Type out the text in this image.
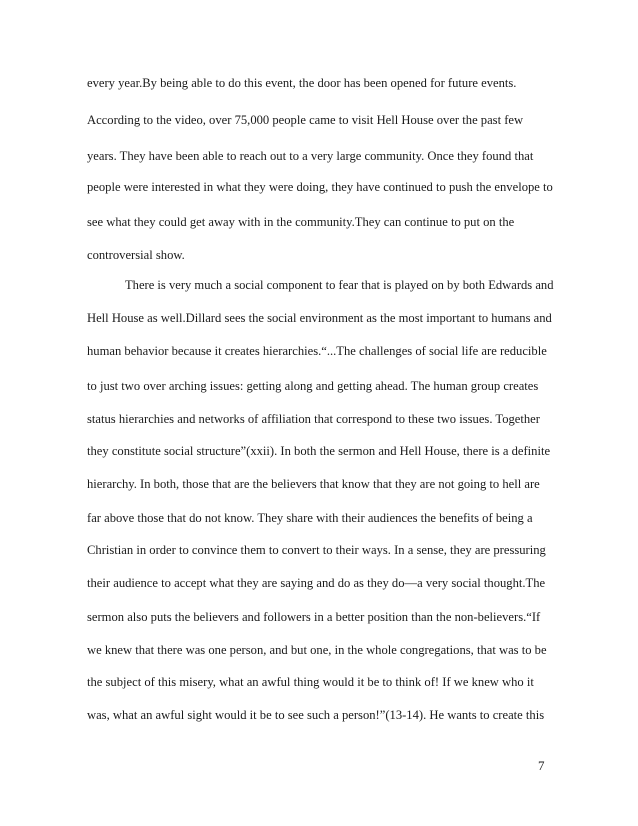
every year.By being able to do this event, the door has been opened for future events.
According to the video, over 75,000 people came to visit Hell House over the past few
years. They have been able to reach out to a very large community. Once they found that
people were interested in what they were doing, they have continued to push the envelope to
see what they could get away with in the community.They can continue to put on the
controversial show.
There is very much a social component to fear that is played on by both Edwards and
Hell House as well.Dillard sees the social environment as the most important to humans and
human behavior because it creates hierarchies.“...The challenges of social life are reducible
to just two over arching issues: getting along and getting ahead. The human group creates
status hierarchies and networks of affiliation that correspond to these two issues. Together
they constitute social structure”(xxii). In both the sermon and Hell House, there is a definite
hierarchy. In both, those that are the believers that know that they are not going to hell are
far above those that do not know. They share with their audiences the benefits of being a
Christian in order to convince them to convert to their ways. In a sense, they are pressuring
their audience to accept what they are saying and do as they do—a very social thought.The
sermon also puts the believers and followers in a better position than the non-believers.“If
we knew that there was one person, and but one, in the whole congregations, that was to be
the subject of this misery, what an awful thing would it be to think of! If we knew who it
was, what an awful sight would it be to see such a person!”(13-14). He wants to create this
7
